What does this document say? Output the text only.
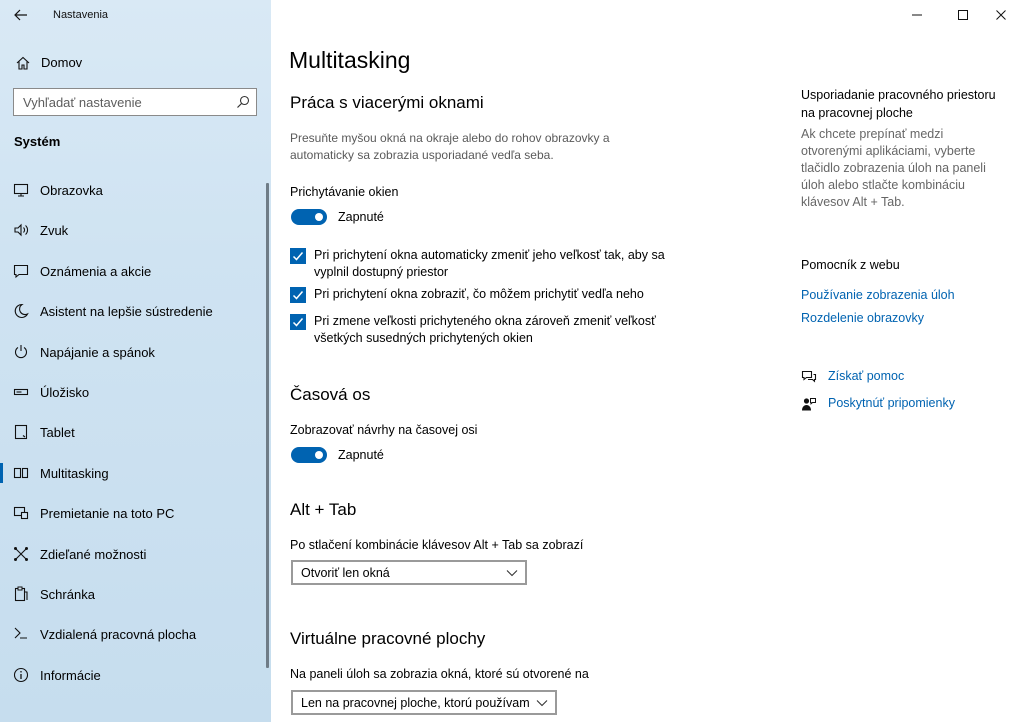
Nastavenia
Domov
Vyhľadať nastavenie
Systém
Obrazovka
Zvuk
Oznámenia a akcie
Asistent na lepšie sústredenie
Napájanie a spánok
Úložisko
Tablet
Multitasking
Premietanie na toto PC
Zdieľané možnosti
Schránka
Vzdialená pracovná plocha
Informácie
Multitasking
Práca s viacerými oknami
Presuňte myšou okná na okraje alebo do rohov obrazovky a automaticky sa zobrazia usporiadané vedľa seba.
Prichytávanie okien
Zapnuté
Pri prichytení okna automaticky zmeniť jeho veľkosť tak, aby sa vyplnil dostupný priestor
Pri prichytení okna zobraziť, čo môžem prichytiť vedľa neho
Pri zmene veľkosti prichyteného okna zároveň zmeniť veľkosť všetkých susedných prichytených okien
Časová os
Zobrazovať návrhy na časovej osi
Zapnuté
Alt + Tab
Po stlačení kombinácie klávesov Alt + Tab sa zobrazí
Otvoriť len okná
Virtuálne pracovné plochy
Na paneli úloh sa zobrazia okná, ktoré sú otvorené na
Len na pracovnej ploche, ktorú používam
Usporiadanie pracovného priestoru na pracovnej ploche
Ak chcete prepínať medzi otvorenými aplikáciami, vyberte tlačidlo zobrazenia úloh na paneli úloh alebo stlačte kombináciu klávesov Alt + Tab.
Pomocník z webu
Používanie zobrazenia úloh
Rozdelenie obrazovky
Získať pomoc
Poskytnúť pripomienky
